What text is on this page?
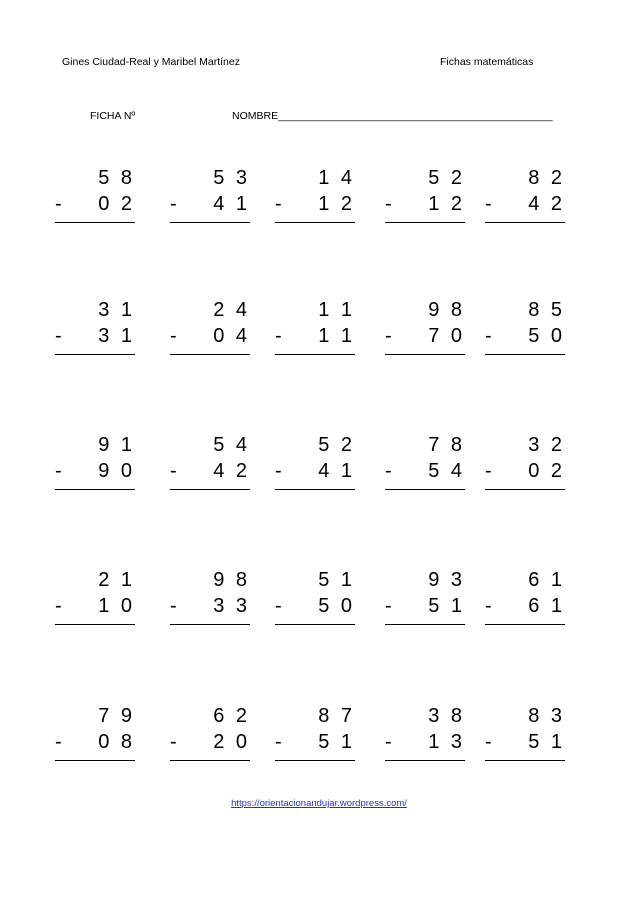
Gines Ciudad-Real y Maribel Martínez	Fichas matemáticas
FICHA Nº	NOMBRE_______________________________________________
5 8
- 0 2
5 3
- 4 1
1 4
- 1 2
5 2
- 1 2
8 2
- 4 2
3 1
- 3 1
2 4
- 0 4
1 1
- 1 1
9 8
- 7 0
8 5
- 5 0
9 1
- 9 0
5 4
- 4 2
5 2
- 4 1
7 8
- 5 4
3 2
- 0 2
2 1
- 1 0
9 8
- 3 3
5 1
- 5 0
9 3
- 5 1
6 1
- 6 1
7 9
- 0 8
6 2
- 2 0
8 7
- 5 1
3 8
- 1 3
8 3
- 5 1
https://orientacionandujar.wordpress.com/
